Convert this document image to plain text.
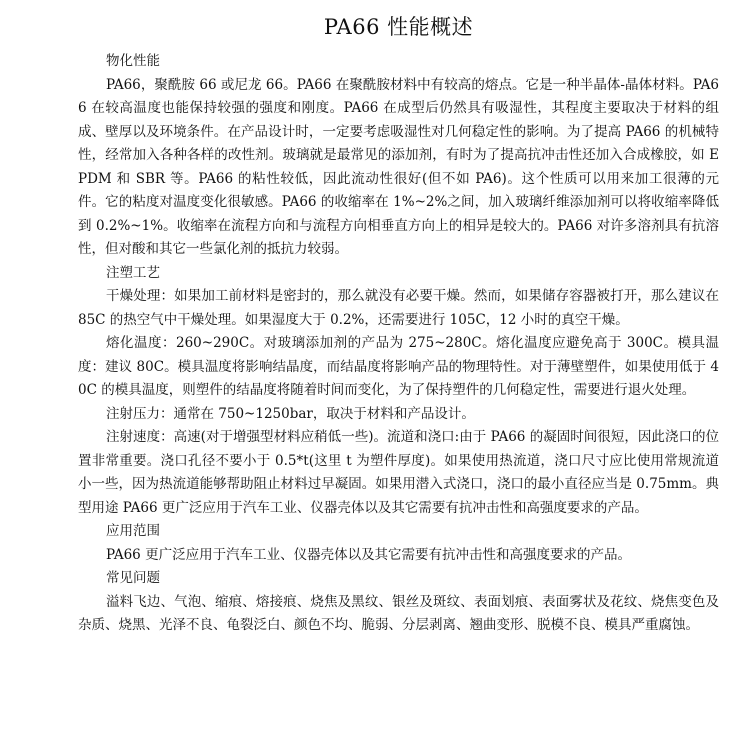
PA66 性能概述

物化性能

PA66，聚酰胺 66 或尼龙 66。PA66 在聚酰胺材料中有较高的熔点。它是一种半晶体-晶体材料。PA66 在较高温度也能保持较强的强度和刚度。PA66 在成型后仍然具有吸湿性，其程度主要取决于材料的组成、壁厚以及环境条件。在产品设计时，一定要考虑吸湿性对几何稳定性的影响。为了提高 PA66 的机械特性，经常加入各种各样的改性剂。玻璃就是最常见的添加剂，有时为了提高抗冲击性还加入合成橡胶，如 EPDM 和 SBR 等。PA66 的粘性较低，因此流动性很好(但不如 PA6)。这个性质可以用来加工很薄的元件。它的粘度对温度变化很敏感。PA66 的收缩率在 1%~2%之间，加入玻璃纤维添加剂可以将收缩率降低到 0.2%~1%。收缩率在流程方向和与流程方向相垂直方向上的相异是较大的。PA66 对许多溶剂具有抗溶性，但对酸和其它一些氯化剂的抵抗力较弱。

注塑工艺

干燥处理：如果加工前材料是密封的，那么就没有必要干燥。然而，如果储存容器被打开，那么建议在 85C 的热空气中干燥处理。如果湿度大于 0.2%，还需要进行 105C，12 小时的真空干燥。

熔化温度：260~290C。对玻璃添加剂的产品为 275~280C。熔化温度应避免高于 300C。模具温度：建议 80C。模具温度将影响结晶度，而结晶度将影响产品的物理特性。对于薄壁塑件，如果使用低于 40C 的模具温度，则塑件的结晶度将随着时间而变化，为了保持塑件的几何稳定性，需要进行退火处理。

注射压力：通常在 750~1250bar，取决于材料和产品设计。

注射速度：高速(对于增强型材料应稍低一些)。流道和浇口:由于 PA66 的凝固时间很短，因此浇口的位置非常重要。浇口孔径不要小于 0.5*t(这里 t 为塑件厚度)。如果使用热流道，浇口尺寸应比使用常规流道小一些，因为热流道能够帮助阻止材料过早凝固。如果用潜入式浇口，浇口的最小直径应当是 0.75mm。典型用途 PA66 更广泛应用于汽车工业、仪器壳体以及其它需要有抗冲击性和高强度要求的产品。

应用范围

PA66 更广泛应用于汽车工业、仪器壳体以及其它需要有抗冲击性和高强度要求的产品。

常见问题

溢料飞边、气泡、缩痕、熔接痕、烧焦及黑纹、银丝及斑纹、表面划痕、表面雾状及花纹、烧焦变色及杂质、烧黑、光泽不良、龟裂泛白、颜色不均、脆弱、分层剥离、翘曲变形、脱模不良、模具严重腐蚀。
